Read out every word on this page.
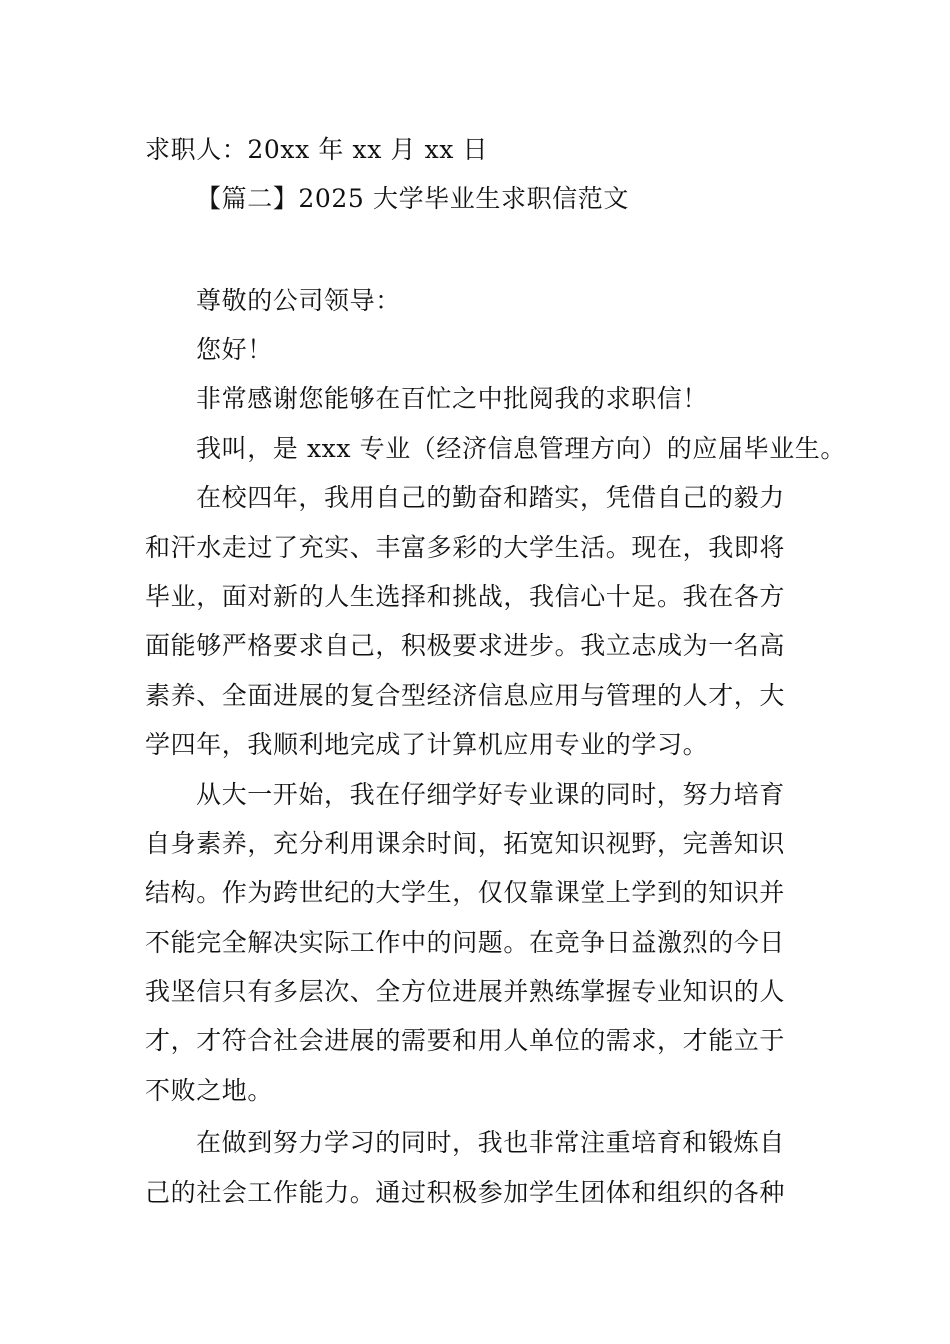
求职人：20xx 年 xx 月 xx 日
【篇二】2025 大学毕业生求职信范文
尊敬的公司领导：
您好！
非常感谢您能够在百忙之中批阅我的求职信！
我叫，是 xxx 专业（经济信息管理方向）的应届毕业生。
在校四年，我用自己的勤奋和踏实，凭借自己的毅力
和汗水走过了充实、丰富多彩的大学生活。现在，我即将
毕业，面对新的人生选择和挑战，我信心十足。我在各方
面能够严格要求自己，积极要求进步。我立志成为一名高
素养、全面进展的复合型经济信息应用与管理的人才，大
学四年，我顺利地完成了计算机应用专业的学习。
从大一开始，我在仔细学好专业课的同时，努力培育
自身素养，充分利用课余时间，拓宽知识视野，完善知识
结构。作为跨世纪的大学生，仅仅靠课堂上学到的知识并
不能完全解决实际工作中的问题。在竞争日益激烈的今日
我坚信只有多层次、全方位进展并熟练掌握专业知识的人
才，才符合社会进展的需要和用人单位的需求，才能立于
不败之地。
在做到努力学习的同时，我也非常注重培育和锻炼自
己的社会工作能力。通过积极参加学生团体和组织的各种
